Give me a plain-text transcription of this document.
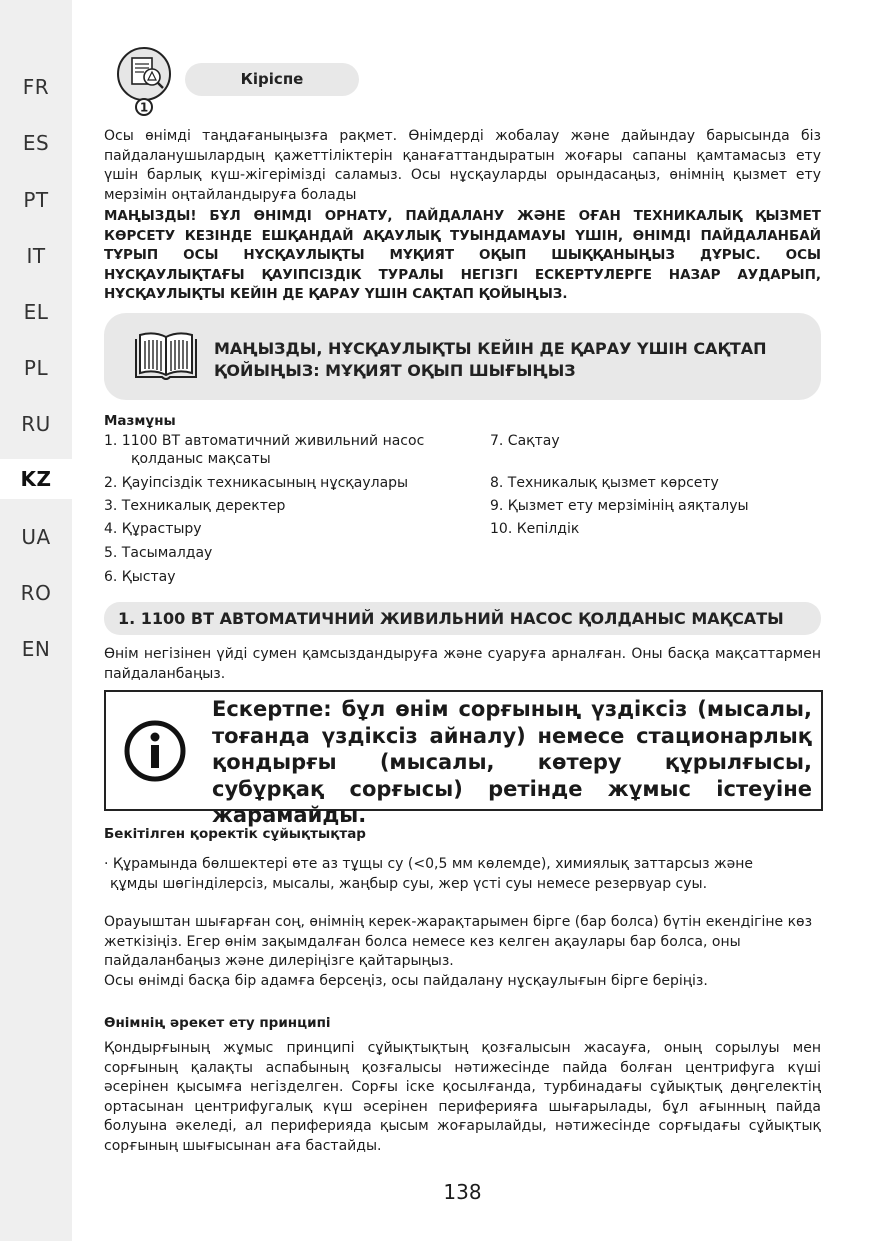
FR
ES
PT
IT
EL
PL
RU
KZ
UA
RO
EN
1
Кіріспе

Осы өнімді таңдағаныңызға рақмет. Өнімдерді жобалау және дайындау барысында біз пайдаланушылардың қажеттіліктерін қанағаттандыратын жоғары сапаны қамтамасыз ету үшін барлық күш-жігерімізді саламыз. Осы нұсқауларды орындасаңыз, өнімнің қызмет ету мерзімін оңтайландыруға болады

МАҢЫЗДЫ! БҰЛ ӨНІМДІ ОРНАТУ, ПАЙДАЛАНУ ЖӘНЕ ОҒАН ТЕХНИКАЛЫҚ ҚЫЗМЕТ КӨРСЕТУ КЕЗІНДЕ ЕШҚАНДАЙ АҚАУЛЫҚ ТУЫНДАМАУЫ ҮШІН, ӨНІМДІ ПАЙДАЛАНБАЙ ТҰРЫП ОСЫ НҰСҚАУЛЫҚТЫ МҰҚИЯТ ОҚЫП ШЫҚҚАНЫҢЫЗ ДҰРЫС. ОСЫ НҰСҚАУЛЫҚТАҒЫ ҚАУІПСІЗДІК ТУРАЛЫ НЕГІЗГІ ЕСКЕРТУЛЕРГЕ НАЗАР АУДАРЫП, НҰСҚАУЛЫҚТЫ КЕЙІН ДЕ ҚАРАУ ҮШІН САҚТАП ҚОЙЫҢЫЗ.

МАҢЫЗДЫ, НҰСҚАУЛЫҚТЫ КЕЙІН ДЕ ҚАРАУ ҮШІН САҚТАП
ҚОЙЫҢЫЗ: МҰҚИЯТ ОҚЫП ШЫҒЫҢЫЗ
Мазмұны
1. 1100 ВТ автоматичний живильний насос
қолданыс мақсаты
2. Қауіпсіздік техникасының нұсқаулары
3. Техникалық деректер
4. Құрастыру
5. Тасымалдау
6. Қыстау
7. Сақтау
8. Техникалық қызмет көрсету
9. Қызмет ету мерзімінің аяқталуы
10. Кепілдік
1. 1100 ВТ АВТОМАТИЧНИЙ ЖИВИЛЬНИЙ НАСОС ҚОЛДАНЫС МАҚСАТЫ

Өнім негізінен үйді сумен қамсыздандыруға және суаруға арналған. Оны басқа мақсаттармен пайдаланбаңыз.

Ескертпе: бұл өнім сорғының үздіксіз (мысалы, тоғанда үздіксіз айналу) немесе стационарлық қондырғы (мысалы, көтеру құрылғысы, субұрқақ сорғысы) ретінде жұмыс істеуіне жарамайды.
Бекітілген қоректік сұйықтықтар
· Құрамында бөлшектері өте аз тұщы су (<0,5 мм көлемде), химиялық заттарсыз және
құмды шөгінділерсіз, мысалы, жаңбыр суы, жер үсті суы немесе резервуар суы.

Орауыштан шығарған соң, өнімнің керек-жарақтарымен бірге (бар болса) бүтін екендігіне көз жеткізіңіз. Егер өнім зақымдалған болса немесе кез келген ақаулары бар болса, оны пайдаланбаңыз және дилеріңізге қайтарыңыз.

Осы өнімді басқа бір адамға берсеңіз, осы пайдалану нұсқаулығын бірге беріңіз.

Өнімнің әрекет ету принципі

Қондырғының жұмыс принципі сұйықтықтың қозғалысын жасауға, оның сорылуы мен сорғының қалақты аспабының қозғалысы нәтижесінде пайда болған центрифуга күші әсерінен қысымға негізделген. Сорғы іске қосылғанда, турбинадағы сұйықтық дөңгелектің ортасынан центрифугалық күш әсерінен периферияға шығарылады, бұл ағынның пайда болуына әкеледі, ал периферияда қысым жоғарылайды, нәтижесінде сорғыдағы сұйықтық сорғының шығысынан аға бастайды.

138
